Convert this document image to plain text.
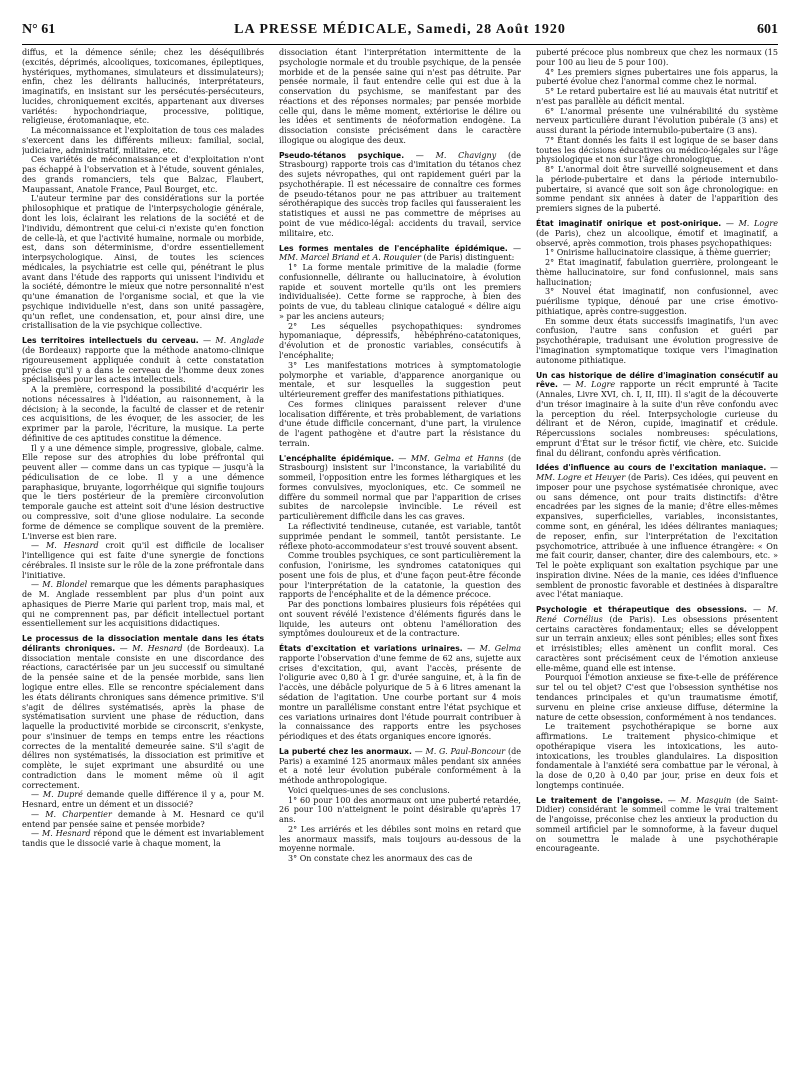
N° 61	LA PRESSE MÉDICALE, Samedi, 28 Août 1920	601

diffus, et la démence sénile; chez les déséquilibrés (excités, déprimés, alcooliques, toxicomanes, épileptiques, hystériques, mythomanes, simulateurs et dissimulateurs); enfin, chez les délirants hallucinés, interprétateurs, imaginatifs, en insistant sur les persécutés-persécuteurs, lucides, chroniquement excités, appartenant aux diverses variétés: hypochondriaque, processive, politique, religieuse, érotomaniaque, etc.

La méconnaissance et l'exploitation de tous ces malades s'exercent dans les différents milieux: familial, social, judiciaire, administratif, militaire, etc.

Ces variétés de méconnaissance et d'exploitation n'ont pas échappé à l'observation et à l'étude, souvent géniales, des grands romanciers, tels que Balzac, Flaubert, Maupassant, Anatole France, Paul Bourget, etc.

L'auteur termine par des considérations sur la portée philosophique et pratique de l'interpsychologie générale, dont les lois, éclairant les relations de la société et de l'individu, démontrent que celui-ci n'existe qu'en fonction de celle-là, et que l'activité humaine, normale ou morbide, est, dans son déterminisme, d'ordre essentiellement interpsychologique. Ainsi, de toutes les sciences médicales, la psychiatrie est celle qui, pénétrant le plus avant dans l'étude des rapports qui unissent l'individu et la société, démontre le mieux que notre personnalité n'est qu'une émanation de l'organisme social, et que la vie psychique individuelle n'est, dans son unité passagère, qu'un reflet, une condensation, et, pour ainsi dire, une cristallisation de la vie psychique collective.

Les territoires intellectuels du cerveau. — M. Anglade (de Bordeaux) rapporte que la méthode anatomo-clinique rigoureusement appliquée conduit à cette constatation précise qu'il y a dans le cerveau de l'homme deux zones spécialisées pour les actes intellectuels.

A la première, correspond la possibilité d'acquérir les notions nécessaires à l'idéation, au raisonnement, à la décision; à la seconde, la faculté de classer et de retenir ces acquisitions, de les évoquer, de les associer, de les exprimer par la parole, l'écriture, la musique. La perte définitive de ces aptitudes constitue la démence.

Il y a une démence simple, progressive, globale, calme. Elle repose sur des atrophies du lobe préfrontal qui peuvent aller — comme dans un cas typique — jusqu'à la pédiculisation de ce lobe. Il y a une démence paraphasique, bruyante, logorrhéique qui signifie toujours que le tiers postérieur de la première circonvolution temporale gauche est atteint soit d'une lésion destructive ou compressive, soit d'une gliose nodulaire. La seconde forme de démence se complique souvent de la première. L'inverse est bien rare.

— M. Hesnard croit qu'il est difficile de localiser l'intelligence qui est faite d'une synergie de fonctions cérébrales. Il insiste sur le rôle de la zone préfrontale dans l'initiative.

— M. Blondel remarque que les déments paraphasiques de M. Anglade ressemblent par plus d'un point aux aphasiques de Pierre Marie qui parlent trop, mais mal, et qui ne comprennent pas, par déficit intellectuel portant essentiellement sur les acquisitions didactiques.

Le processus de la dissociation mentale dans les états délirants chroniques. — M. Hesnard (de Bordeaux). La dissociation mentale consiste en une discordance des réactions, caractérisée par un jeu successif ou simultané de la pensée saine et de la pensée morbide, sans lien logique entre elles. Elle se rencontre spécialement dans les états délirants chroniques sans démence primitive. S'il s'agit de délires systématisés, après la phase de systématisation survient une phase de réduction, dans laquelle la productivité morbide se circonscrit, s'enkyste, pour s'insinuer de temps en temps entre les réactions correctes de la mentalité demeurée saine. S'il s'agit de délires non systématisés, la dissociation est primitive et complète, le sujet exprimant une absurdité ou une contradiction dans le moment même où il agit correctement.

— M. Dupré demande quelle différence il y a, pour M. Hesnard, entre un dément et un dissocié?

— M. Charpentier demande à M. Hesnard ce qu'il entend par pensée saine et pensée morbide?

— M. Hesnard répond que le dément est invariablement tandis que le dissocié varie à chaque moment, la

dissociation étant l'interprétation intermittente de la psychologie normale et du trouble psychique, de la pensée morbide et de la pensée saine qui n'est pas détruite. Par pensée normale, il faut entendre celle qui est due à la conservation du psychisme, se manifestant par des réactions et des réponses normales; par pensée morbide celle qui, dans le même moment, extériorise le délire ou les idées et sentiments de néoformation endogène. La dissociation consiste précisément dans le caractère illogique ou alogique des deux.

Pseudo-tétanos psychique. — M. Chavigny (de Strasbourg) rapporte trois cas d'imitation du tétanos chez des sujets névropathes, qui ont rapidement guéri par la psychothérapie. Il est nécessaire de connaître ces formes de pseudo-tétanos pour ne pas attribuer au traitement sérothérapique des succès trop faciles qui fausseraient les statistiques et aussi ne pas commettre de méprises au point de vue médico-légal: accidents du travail, service militaire, etc.

Les formes mentales de l'encéphalite épidémique. — MM. Marcel Briand et A. Rouquier (de Paris) distinguent:

1° La forme mentale primitive de la maladie (forme confusionnelle, délirante ou hallucinatoire, à évolution rapide et souvent mortelle qu'ils ont les premiers individualisée). Cette forme se rapproche, à bien des points de vue, du tableau clinique catalogué « délire aigu » par les anciens auteurs;

2° Les séquelles psychopathiques: syndromes hypomaniaque, dépressifs, hébéphréno-catatoniques, d'évolution et de pronostic variables, consécutifs à l'encéphalite;

3° Les manifestations motrices à symptomatologie polymorphe et variable, d'apparence anorganique ou mentale, et sur lesquelles la suggestion peut ultérieurement greffer des manifestations pithiatiques.

Ces formes cliniques paraissent relever d'une localisation différente, et très probablement, de variations d'une étude difficile concernant, d'une part, la virulence de l'agent pathogène et d'autre part la résistance du terrain.

L'encéphalite épidémique. — MM. Gelma et Hanns (de Strasbourg) insistent sur l'inconstance, la variabilité du sommeil, l'opposition entre les formes léthargiques et les formes convulsives, myocloniques, etc. Ce sommeil ne diffère du sommeil normal que par l'apparition de crises subites de narcolepsie invincible. Le réveil est particulièrement difficile dans les cas graves.

La réflectivité tendineuse, cutanée, est variable, tantôt supprimée pendant le sommeil, tantôt persistante. Le réflexe photo-accommodateur s'est trouvé souvent absent.

Comme troubles psychiques, ce sont particulièrement la confusion, l'onirisme, les syndromes catatoniques qui posent une fois de plus, et d'une façon peut-être féconde pour l'interprétation de la catatonie, la question des rapports de l'encéphalite et de la démence précoce.

Par des ponctions lombaires plusieurs fois répétées qui ont souvent révélé l'existence d'éléments figurés dans le liquide, les auteurs ont obtenu l'amélioration des symptômes douloureux et de la contracture.

États d'excitation et variations urinaires. — M. Gelma rapporte l'observation d'une femme de 62 ans, sujette aux crises d'excitation, qui, avant l'accès, présente de l'oligurie avec 0,80 à 1 gr. d'urée sanguine, et, à la fin de l'accès, une débâcle polyurique de 5 à 6 litres amenant la sédation de l'agitation. Une courbe portant sur 4 mois montre un parallélisme constant entre l'état psychique et ces variations urinaires dont l'étude pourrait contribuer à la connaissance des rapports entre les psychoses périodiques et des états organiques encore ignorés.

La puberté chez les anormaux. — M. G. Paul-Boncour (de Paris) a examiné 125 anormaux mâles pendant six années et a noté leur évolution pubérale conformément à la méthode anthropologique.

Voici quelques-unes de ses conclusions.

1° 60 pour 100 des anormaux ont une puberté retardée, 26 pour 100 n'atteignent le point désirable qu'après 17 ans.

2° Les arriérés et les débiles sont moins en retard que les anormaux massifs, mais toujours au-dessous de la moyenne normale.

3° On constate chez les anormaux des cas de

puberté précoce plus nombreux que chez les normaux (15 pour 100 au lieu de 5 pour 100).

4° Les premiers signes pubertaires une fois apparus, la puberté évolue chez l'anormal comme chez le normal.

5° Le retard pubertaire est lié au mauvais état nutritif et n'est pas parallèle au déficit mental.

6° L'anormal présente une vulnérabilité du système nerveux particulière durant l'évolution pubérale (3 ans) et aussi durant la période internubilo-pubertaire (3 ans).

7° Étant donnés les faits il est logique de se baser dans toutes les décisions éducatives ou médico-légales sur l'âge physiologique et non sur l'âge chronologique.

8° L'anormal doit être surveillé soigneusement et dans la période-pubertaire et dans la période internubilo-pubertaire, si avancé que soit son âge chronologique: en somme pendant six années à dater de l'apparition des premiers signes de la puberté.

État imaginatif onirique et post-onirique. — M. Logre (de Paris), chez un alcoolique, émotif et imaginatif, a observé, après commotion, trois phases psychopathiques:

1° Onirisme hallucinatoire classique, à thème guerrier;

2° État imaginatif, fabulation guerrière, prolongeant le thème hallucinatoire, sur fond confusionnel, mais sans hallucination;

3° Nouvel état imaginatif, non confusionnel, avec puérilisme typique, dénoué par une crise émotivo-pithiatique, après contre-suggestion.

En somme deux états successifs imaginatifs, l'un avec confusion, l'autre sans confusion et guéri par psychothérapie, traduisant une évolution progressive de l'imagination symptomatique toxique vers l'imagination autonome pithiatique.

Un cas historique de délire d'imagination consécutif au rêve. — M. Logre rapporte un récit emprunté à Tacite (Annales, Livre XVI, ch. I, II, III). Il s'agit de la découverte d'un trésor imaginaire à la suite d'un rêve confondu avec la perception du réel. Interpsychologie curieuse du délirant et de Néron, cupide, imaginatif et crédule. Répercussions sociales nombreuses: spéculations, emprunt d'État sur le trésor fictif, vie chère, etc. Suicide final du délirant, confondu après vérification.

Idées d'influence au cours de l'excitation maniaque. — MM. Logre et Heuyer (de Paris). Ces idées, qui peuvent en imposer pour une psychose systématisée chronique, avec ou sans démence, ont pour traits distinctifs: d'être encadrées par les signes de la manie; d'être elles-mêmes expansives, superficielles, variables, inconsistantes, comme sont, en général, les idées délirantes maniaques; de reposer, enfin, sur l'interprétation de l'excitation psychomotrice, attribuée à une influence étrangère: « On me fait courir, danser, chanter, dire des calembours, etc. » Tel le poète expliquant son exaltation psychique par une inspiration divine. Nées de la manie, ces idées d'influence semblent de pronostic favorable et destinées à disparaître avec l'état maniaque.

Psychologie et thérapeutique des obsessions. — M. René Cornélius (de Paris). Les obsessions présentent certains caractères fondamentaux; elles se développent sur un terrain anxieux; elles sont pénibles; elles sont fixes et irrésistibles; elles amènent un conflit moral. Ces caractères sont précisément ceux de l'émotion anxieuse elle-même, quand elle est intense.

Pourquoi l'émotion anxieuse se fixe-t-elle de préférence sur tel ou tel objet? C'est que l'obsession synthétise nos tendances principales et qu'un traumatisme émotif, survenu en pleine crise anxieuse diffuse, détermine la nature de cette obsession, conformément à nos tendances.

Le traitement psychothérapique se borne aux affirmations. Le traitement physico-chimique et opothérapique visera les intoxications, les auto-intoxications, les troubles glandulaires. La disposition fondamentale à l'anxiété sera combattue par le véronal, à la dose de 0,20 à 0,40 par jour, prise en deux fois et longtemps continuée.

Le traitement de l'angoisse. — M. Masquin (de Saint-Didier) considérant le sommeil comme le vrai traitement de l'angoisse, préconise chez les anxieux la production du sommeil artificiel par le somnoforme, à la faveur duquel on soumettra le malade à une psychothérapie encourageante.
